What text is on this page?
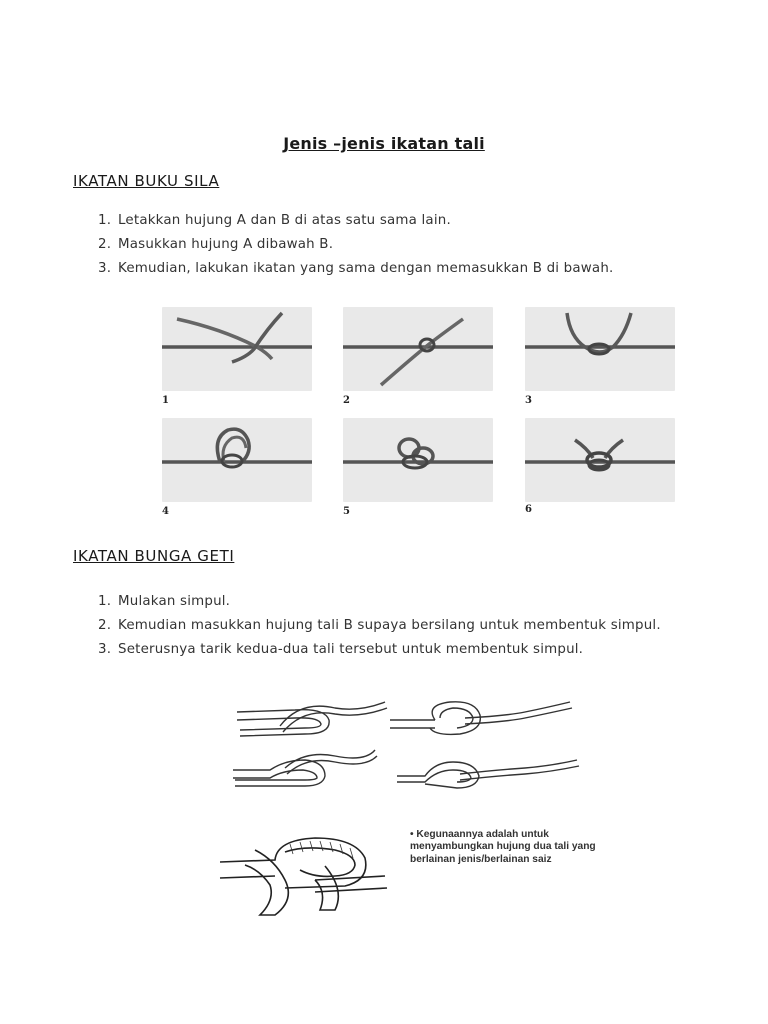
Jenis –jenis ikatan tali
IKATAN BUKU SILA
1. Letakkan hujung A dan B di atas satu sama lain.
2. Masukkan hujung A dibawah B.
3. Kemudian, lakukan ikatan yang sama dengan memasukkan B di bawah.
1	2	3
4	5	6
IKATAN BUNGA GETI
1. Mulakan simpul.
2. Kemudian masukkan hujung tali B supaya bersilang untuk membentuk simpul.
3. Seterusnya tarik kedua-dua tali tersebut untuk membentuk simpul.
• Kegunaannya adalah untuk menyambungkan hujung dua tali yang berlainan jenis/berlainan saiz
